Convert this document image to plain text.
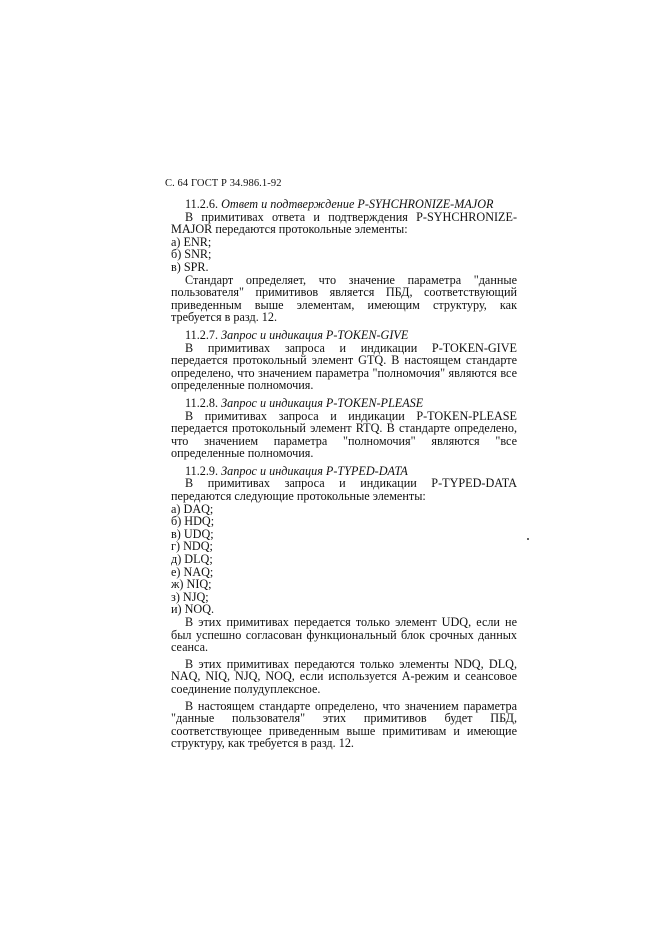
С. 64 ГОСТ Р 34.986.1-92
11.2.6. Ответ и подтверждение P-SYHCHRONIZE-MAJOR

В примитивах ответа и подтверждения P-SYHCHRONIZE-MAJOR передаются протокольные элементы:

а) ENR;
б) SNR;
в) SPR.

Стандарт определяет, что значение параметра "данные пользователя" примитивов является ПБД, соответствующий приведенным выше элементам, имеющим структуру, как требуется в разд. 12.

11.2.7. Запрос и индикация P-TOKEN-GIVE

В примитивах запроса и индикации P-TOKEN-GIVE передается протокольный элемент GTQ. В настоящем стандарте определено, что значением параметра "полномочия" являются все определенные полномочия.

11.2.8. Запрос и индикация P-TOKEN-PLEASE

В примитивах запроса и индикации P-TOKEN-PLEASE передается протокольный элемент RTQ. В стандарте определено, что значением параметра "полномочия" являются "все определенные полномочия.

11.2.9. Запрос и индикация P-TYPED-DATA

В примитивах запроса и индикации P-TYPED-DATA передаются следующие протокольные элементы:

а) DAQ;
б) HDQ;
в) UDQ;
г) NDQ;
д) DLQ;
е) NAQ;
ж) NIQ;
з) NJQ;
и) NOQ.

В этих примитивах передается только элемент UDQ, если не был успешно согласован функциональный блок срочных данных сеанса.

В этих примитивах передаются только элементы NDQ, DLQ, NAQ, NIQ, NJQ, NOQ, если используется А-режим и сеансовое соединение полудуплексное.

В настоящем стандарте определено, что значением параметра "данные пользователя" этих примитивов будет ПБД, соответствующее приведенным выше примитивам и имеющие структуру, как требуется в разд. 12.
